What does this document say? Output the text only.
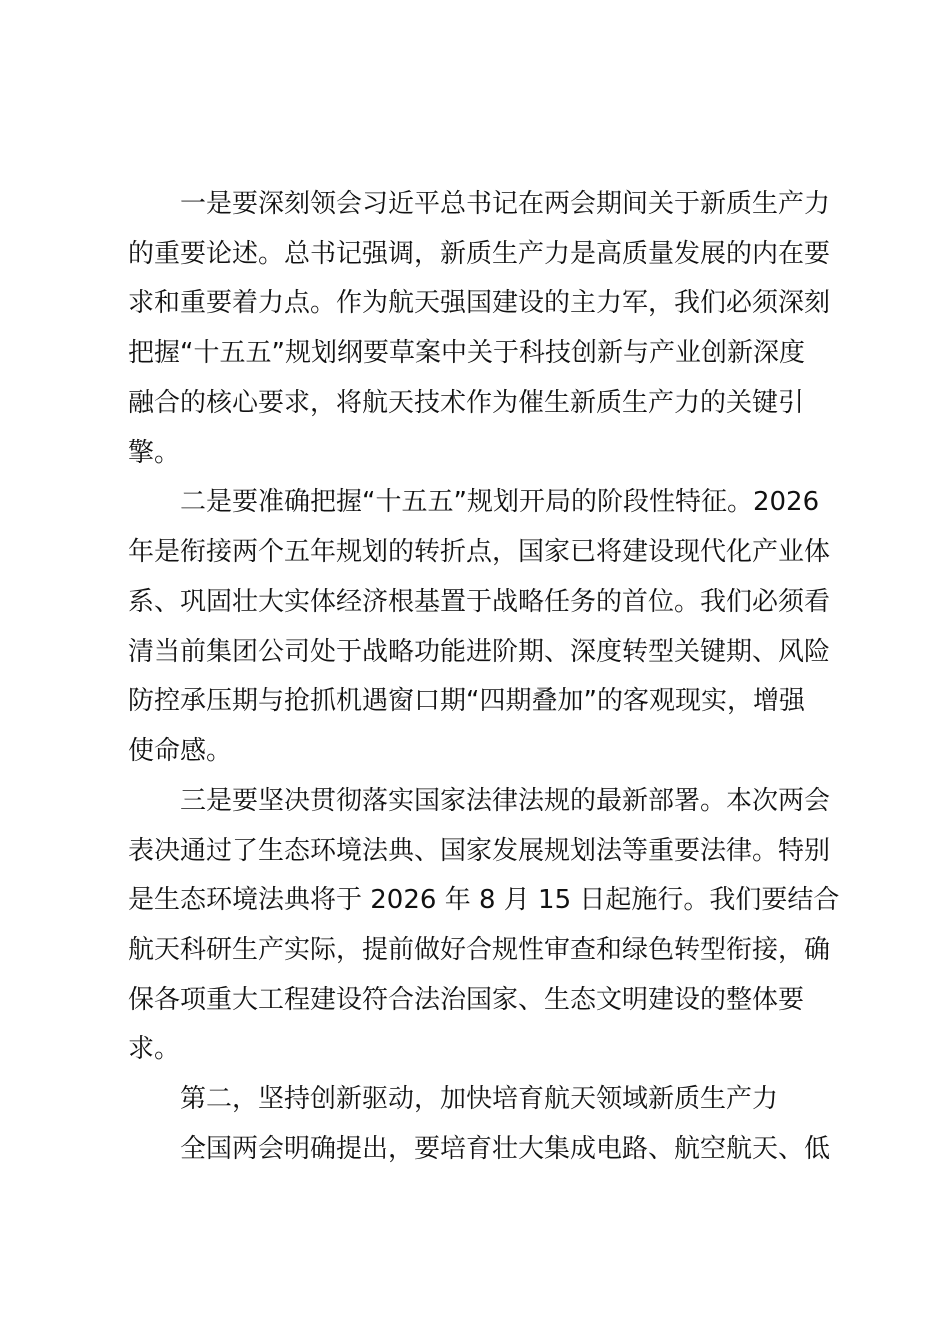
一是要深刻领会习近平总书记在两会期间关于新质生产力
的重要论述。总书记强调，新质生产力是高质量发展的内在要
求和重要着力点。作为航天强国建设的主力军，我们必须深刻
把握“十五五”规划纲要草案中关于科技创新与产业创新深度
融合的核心要求，将航天技术作为催生新质生产力的关键引
擎。
二是要准确把握“十五五”规划开局的阶段性特征。2026
年是衔接两个五年规划的转折点，国家已将建设现代化产业体
系、巩固壮大实体经济根基置于战略任务的首位。我们必须看
清当前集团公司处于战略功能进阶期、深度转型关键期、风险
防控承压期与抢抓机遇窗口期“四期叠加”的客观现实，增强
使命感。
三是要坚决贯彻落实国家法律法规的最新部署。本次两会
表决通过了生态环境法典、国家发展规划法等重要法律。特别
是生态环境法典将于 2026 年 8 月 15 日起施行。我们要结合
航天科研生产实际，提前做好合规性审查和绿色转型衔接，确
保各项重大工程建设符合法治国家、生态文明建设的整体要
求。
第二，坚持创新驱动，加快培育航天领域新质生产力
全国两会明确提出，要培育壮大集成电路、航空航天、低
